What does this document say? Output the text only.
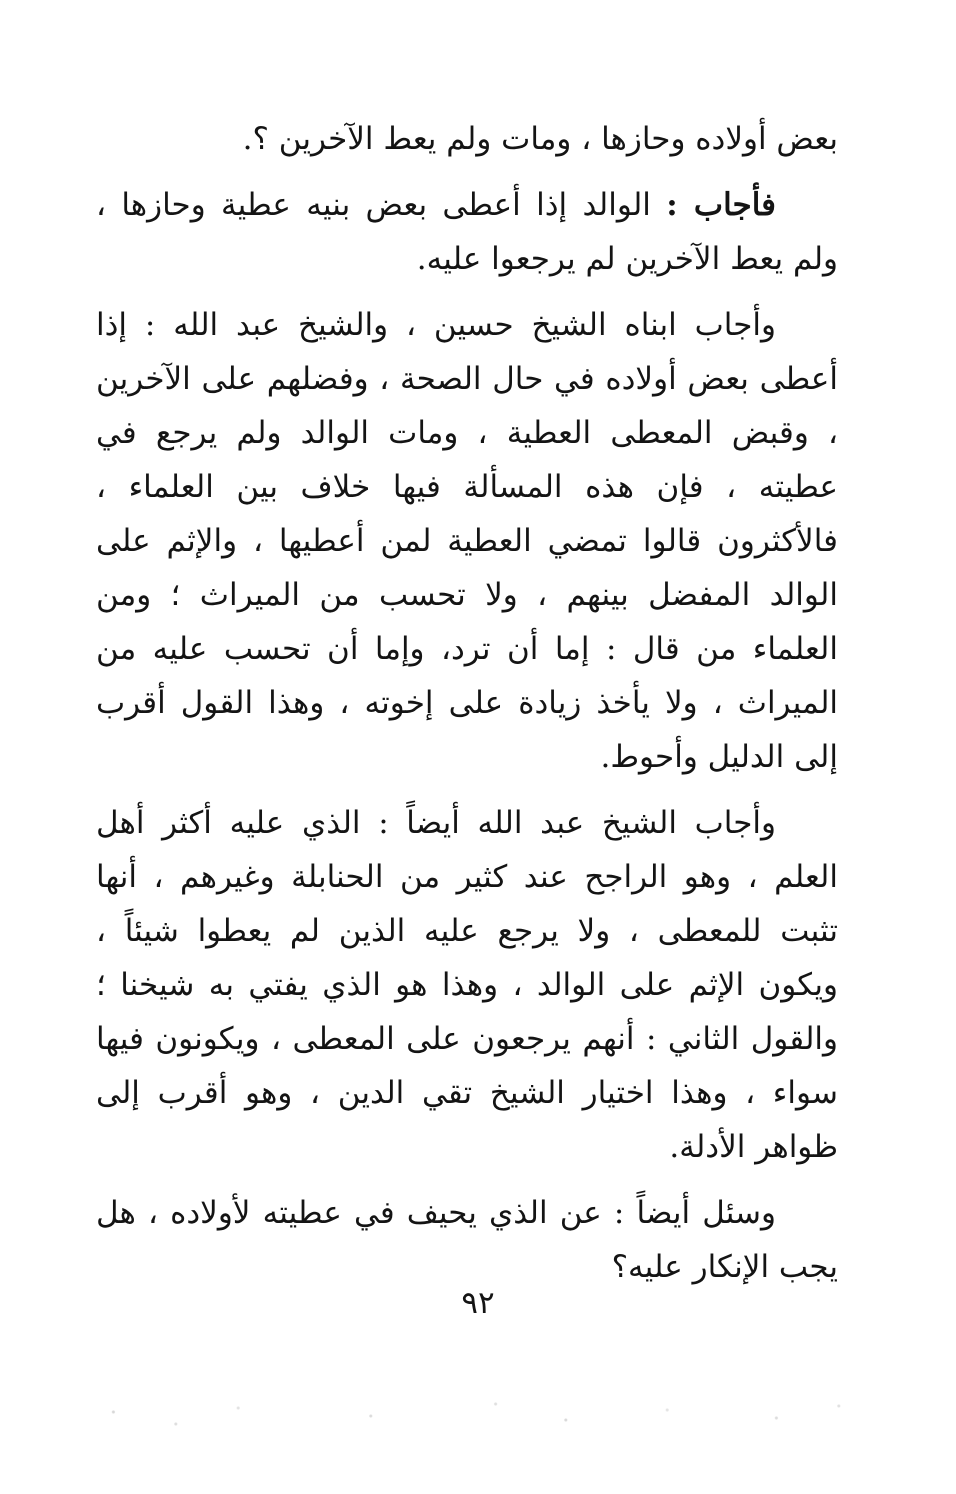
بعض أولاده وحازها ، ومات ولم يعط الآخرين ؟.

فأجاب : الوالد إذا أعطى بعض بنيه عطية وحازها ، ولم يعط الآخرين لم يرجعوا عليه.

وأجاب ابناه الشيخ حسين ، والشيخ عبد الله : إذا أعطى بعض أولاده في حال الصحة ، وفضلهم على الآخرين ، وقبض المعطى العطية ، ومات الوالد ولم يرجع في عطيته ، فإن هذه المسألة فيها خلاف بين العلماء ، فالأكثرون قالوا تمضي العطية لمن أعطيها ، والإثم على الوالد المفضل بينهم ، ولا تحسب من الميراث ؛ ومن العلماء من قال : إما أن ترد، وإما أن تحسب عليه من الميراث ، ولا يأخذ زيادة على إخوته ، وهذا القول أقرب إلى الدليل وأحوط.

وأجاب الشيخ عبد الله أيضاً : الذي عليه أكثر أهل العلم ، وهو الراجح عند كثير من الحنابلة وغيرهم ، أنها تثبت للمعطى ، ولا يرجع عليه الذين لم يعطوا شيئاً ، ويكون الإثم على الوالد ، وهذا هو الذي يفتي به شيخنا ؛ والقول الثاني : أنهم يرجعون على المعطى ، ويكونون فيها سواء ، وهذا اختيار الشيخ تقي الدين ، وهو أقرب إلى ظواهر الأدلة.

وسئل أيضاً : عن الذي يحيف في عطيته لأولاده ، هل يجب الإنكار عليه؟

٩٢
